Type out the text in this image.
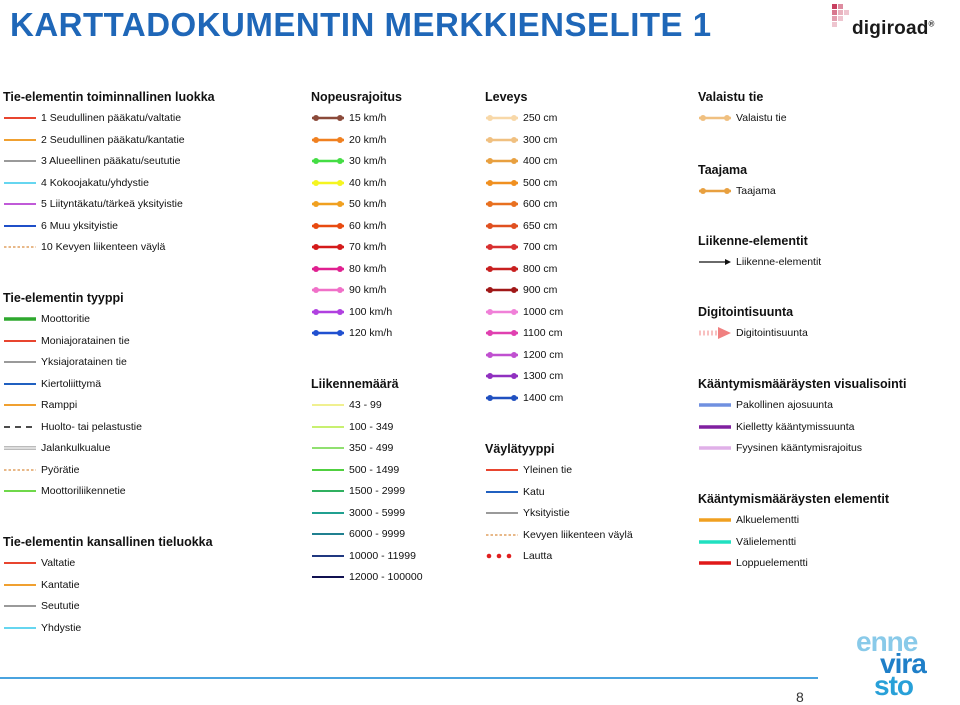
KARTTADOKUMENTIN MERKKIENSELITE 1	digiroad®
Tie-elementin toiminnallinen luokka
1 Seudullinen pääkatu/valtatie
2 Seudullinen pääkatu/kantatie
3 Alueellinen pääkatu/seututie
4 Kokoojakatu/yhdystie
5 Liityntäkatu/tärkeä yksityistie
6 Muu yksityistie
10 Kevyen liikenteen väylä
Tie-elementin tyyppi
Moottoritie
Moniajoratainen tie
Yksiajoratainen tie
Kiertoliittymä
Ramppi
Huolto- tai pelastustie
Jalankulkualue
Pyörätie
Moottoriliikennetie
Tie-elementin kansallinen tieluokka
Valtatie
Kantatie
Seututie
Yhdystie
Nopeusrajoitus
15 km/h
20 km/h
30 km/h
40 km/h
50 km/h
60 km/h
70 km/h
80 km/h
90 km/h
100 km/h
120 km/h
Liikennemäärä
43 - 99
100 - 349
350 - 499
500 - 1499
1500 - 2999
3000 - 5999
6000 - 9999
10000 - 11999
12000 - 100000
Leveys
250 cm
300 cm
400 cm
500 cm
600 cm
650 cm
700 cm
800 cm
900 cm
1000 cm
1100 cm
1200 cm
1300 cm
1400 cm
Väylätyyppi
Yleinen tie
Katu
Yksityistie
Kevyen liikenteen väylä
Lautta
Valaistu tie
Valaistu tie
Taajama
Taajama
Liikenne-elementit
Liikenne-elementit
Digitointisuunta
Digitointisuunta
Kääntymismääräysten visualisointi
Pakollinen ajosuunta
Kielletty kääntymissuunta
Fyysinen kääntymisrajoitus
Kääntymismääräysten elementit
Alkuelementti
Välielementti
Loppuelementti
8
enne
vira
sto
